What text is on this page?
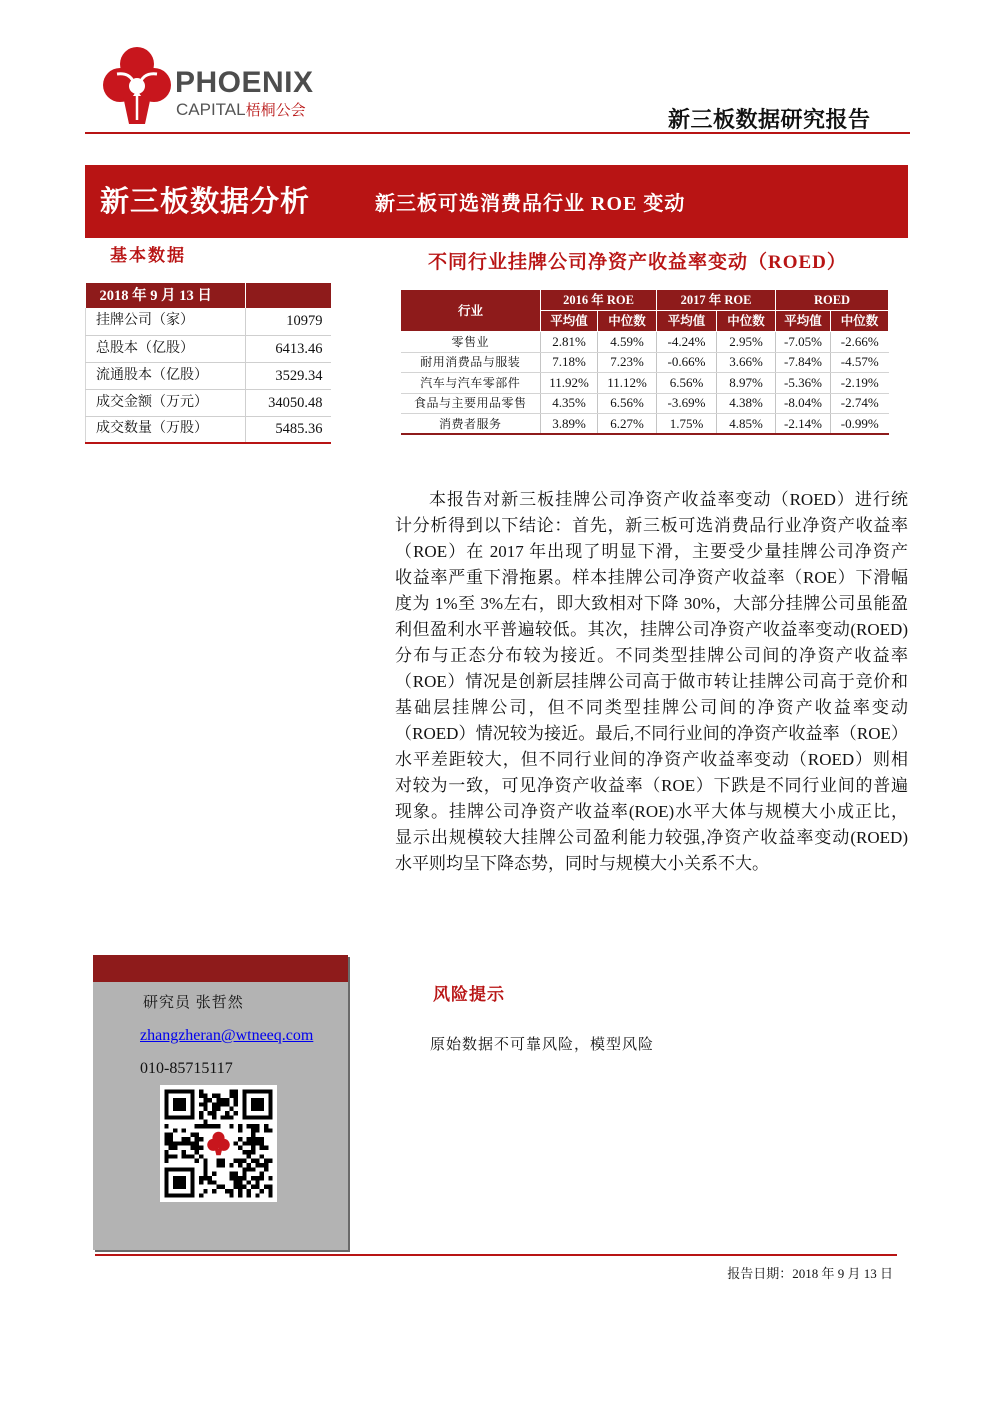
PHOENIX
CAPITAL梧桐公会	新三板数据研究报告
新三板数据分析	新三板可选消费品行业 ROE 变动
基本数据
2018 年 9 月 13 日	
挂牌公司（家）	10979
总股本（亿股）	6413.46
流通股本（亿股）	3529.34
成交金额（万元）	34050.48
成交数量（万股）	5485.36
不同行业挂牌公司净资产收益率变动（ROED）
行业	2016 年 ROE		2017 年 ROE		ROED	
	平均值	中位数	平均值	中位数	平均值	中位数
零售业	2.81%	4.59%	-4.24%	2.95%	-7.05%	-2.66%
耐用消费品与服装	7.18%	7.23%	-0.66%	3.66%	-7.84%	-4.57%
汽车与汽车零部件	11.92%	11.12%	6.56%	8.97%	-5.36%	-2.19%
食品与主要用品零售	4.35%	6.56%	-3.69%	4.38%	-8.04%	-2.74%
消费者服务	3.89%	6.27%	1.75%	4.85%	-2.14%	-0.99%
本报告对新三板挂牌公司净资产收益率变动（ROED）进行统
计分析得到以下结论：首先，新三板可选消费品行业净资产收益率
（ROE）在 2017 年出现了明显下滑，主要受少量挂牌公司净资产
收益率严重下滑拖累。样本挂牌公司净资产收益率（ROE）下滑幅
度为 1%至 3%左右，即大致相对下降 30%，大部分挂牌公司虽能盈
利但盈利水平普遍较低。其次，挂牌公司净资产收益率变动(ROED)
分布与正态分布较为接近。不同类型挂牌公司间的净资产收益率
（ROE）情况是创新层挂牌公司高于做市转让挂牌公司高于竞价和
基础层挂牌公司，但不同类型挂牌公司间的净资产收益率变动
（ROED）情况较为接近。最后,不同行业间的净资产收益率（ROE）
水平差距较大，但不同行业间的净资产收益率变动（ROED）则相
对较为一致，可见净资产收益率（ROE）下跌是不同行业间的普遍
现象。挂牌公司净资产收益率(ROE)水平大体与规模大小成正比，
显示出规模较大挂牌公司盈利能力较强,净资产收益率变动(ROED)
水平则均呈下降态势，同时与规模大小关系不大。
研究员 张哲然
zhangzheran@wtneeq.com
010-85715117
风险提示
原始数据不可靠风险，模型风险
报告日期：2018 年 9 月 13 日
